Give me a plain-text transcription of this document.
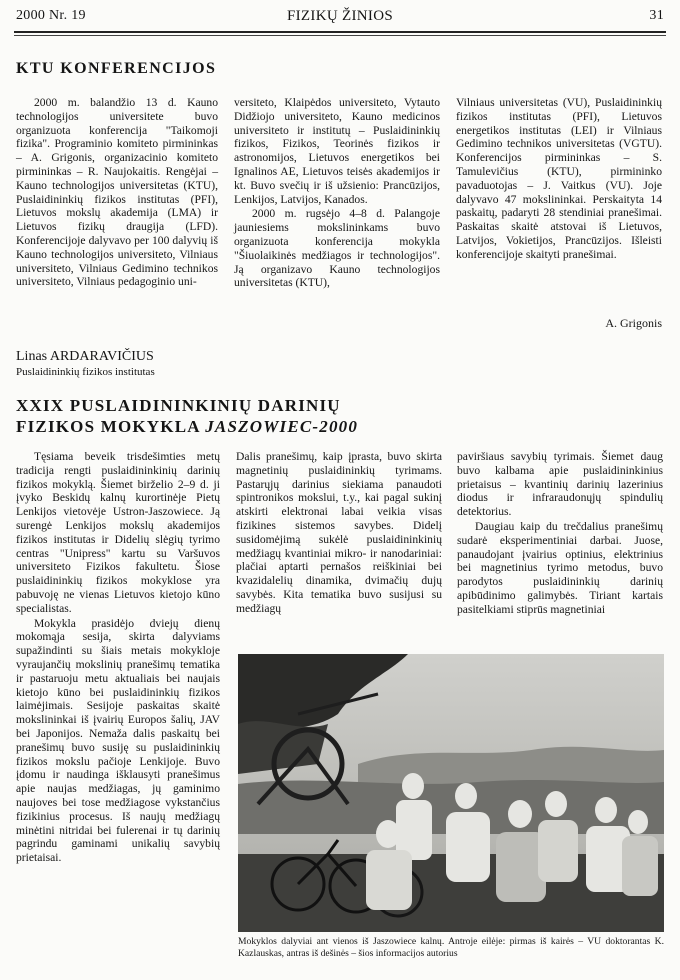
2000 Nr. 19	FIZIKŲ ŽINIOS	31
KTU KONFERENCIJOS

2000 m. balandžio 13 d. Kauno technologijos universitete buvo organizuota konferencija "Taikomoji fizika". Programinio komiteto pirmininkas – A. Grigonis, organizacinio komiteto pirmininkas – R. Naujokaitis. Rengėjai – Kauno technologijos universitetas (KTU), Puslaidininkių fizikos institutas (PFI), Lietuvos mokslų akademija (LMA) ir Lietuvos fizikų draugija (LFD). Konferencijoje dalyvavo per 100 dalyvių iš Kauno technologijos universiteto, Vilniaus universiteto, Vilniaus Gedimino technikos universiteto, Vilniaus pedagoginio uni-

versiteto, Klaipėdos universiteto, Vytauto Didžiojo universiteto, Kauno medicinos universiteto ir institutų – Puslaidininkių fizikos, Fizikos, Teorinės fizikos ir astronomijos, Lietuvos energetikos bei Ignalinos AE, Lietuvos teisės akademijos ir kt. Buvo svečių ir iš užsienio: Prancūzijos, Lenkijos, Latvijos, Kanados.

2000 m. rugsėjo 4–8 d. Palangoje jauniesiems mokslininkams buvo organizuota konferencija mokykla "Šiuolaikinės medžiagos ir technologijos". Ją organizavo Kauno technologijos universitetas (KTU),

Vilniaus universitetas (VU), Puslaidininkių fizikos institutas (PFI), Lietuvos energetikos institutas (LEI) ir Vilniaus Gedimino technikos universitetas (VGTU). Konferencijos pirmininkas – S. Tamulevičius (KTU), pirmininko pavaduotojas – J. Vaitkus (VU). Joje dalyvavo 47 mokslininkai. Perskaityta 14 paskaitų, padaryti 28 stendiniai pranešimai. Paskaitas skaitė atstovai iš Lietuvos, Latvijos, Vokietijos, Prancūzijos. Išleisti konferencijoje skaityti pranešimai.

A. Grigonis
Linas ARDARAVIČIUS
Puslaidininkių fizikos institutas
XXIX PUSLAIDININKINIŲ DARINIŲ
FIZIKOS MOKYKLA JASZOWIEC-2000

Tęsiama beveik trisdešimties metų tradicija rengti puslaidininkinių darinių fizikos mokyklą. Šiemet birželio 2–9 d. ji įvyko Beskidų kalnų kurortinėje Pietų Lenkijos vietovėje Ustron-Jaszowiece. Ją surengė Lenkijos mokslų akademijos fizikos institutas ir Didelių slėgių tyrimo centras "Unipress" kartu su Varšuvos universiteto Fizikos fakultetu. Šiose puslaidininkių fizikos mokyklose yra pabuvoję ne vienas Lietuvos kietojo kūno specialistas.

Mokykla prasidėjo dviejų dienų mokomąja sesija, skirta dalyviams supažindinti su šiais metais mokykloje vyraujančių mokslinių pranešimų tematika ir pastaruoju metu aktualiais bei naujais kietojo kūno bei puslaidininkių fizikos laimėjimais. Sesijoje paskaitas skaitė mokslininkai iš įvairių Europos šalių, JAV bei Japonijos. Nemaža dalis paskaitų bei pranešimų buvo susiję su puslaidininkių fizikos mokslu pačioje Lenkijoje. Buvo įdomu ir naudinga išklausyti pranešimus apie naujas medžiagas, jų gaminimo naujoves bei tose medžiagose vykstančius fizikinius procesus. Iš naujų medžiagų minėtini nitridai bei fulerenai ir tų darinių pagrindu gaminami unikalių savybių prietaisai.

Dalis pranešimų, kaip įprasta, buvo skirta magnetinių puslaidininkių tyrimams. Pastarųjų darinius siekiama panaudoti spintronikos mokslui, t.y., kai pagal sukinį atskirti elektronai labai veikia visas fizikines sistemos savybes. Didelį susidomėjimą sukėlė puslaidininkinių medžiagų kvantiniai mikro- ir nanodariniai: plačiai aptarti pernašos reiškiniai bei kvazidalelių dinamika, dvimačių dujų savybės. Kita tematika buvo susijusi su medžiagų

paviršiaus savybių tyrimais. Šiemet daug buvo kalbama apie puslaidininkinius prietaisus – kvantinių darinių lazerinius diodus ir infraraudonųjų spindulių detektorius.

Daugiau kaip du trečdalius pranešimų sudarė eksperimentiniai darbai. Juose, panaudojant įvairius optinius, elektrinius bei magnetinius tyrimo metodus, buvo parodytos puslaidininkių darinių apibūdinimo galimybės. Tiriant kartais pasitelkiami stiprūs magnetiniai

Mokyklos dalyviai ant vienos iš Jaszowiece kalnų. Antroje eilėje: pirmas iš kairės – VU doktorantas K. Kazlauskas, antras iš dešinės – šios informacijos autorius
